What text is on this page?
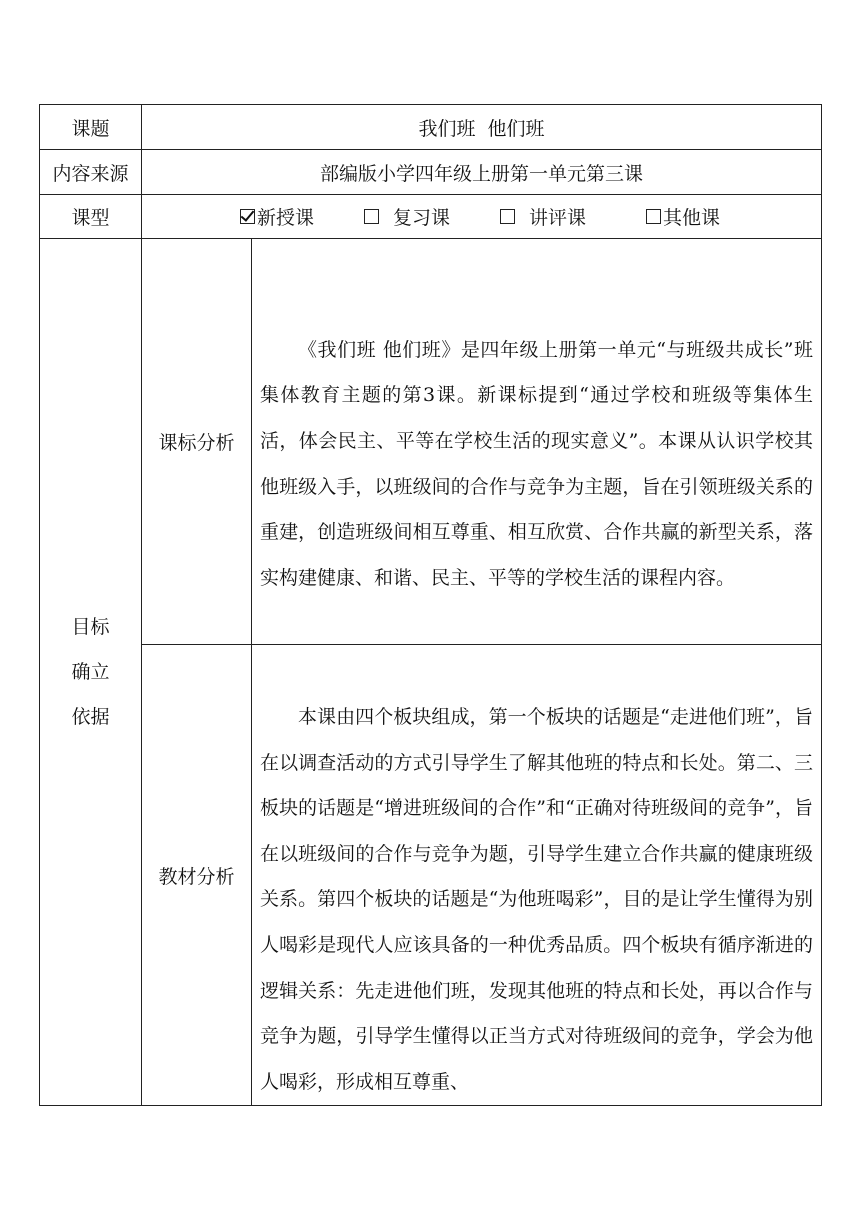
课题	我们班  他们班	
内容来源	部编版小学四年级上册第一单元第三课	
课型	新授课 复习课 讲评课 其他课	

目标
确立
依据	课标分析	《我们班 他们班》是四年级上册第一单元“与班级共成长”班集体教育主题的第3课。新课标提到“通过学校和班级等集体生活，体会民主、平等在学校生活的现实意义”。本课从认识学校其他班级入手，以班级间的合作与竞争为主题，旨在引领班级关系的重建，创造班级间相互尊重、相互欣赏、合作共赢的新型关系，落实构建健康、和谐、民主、平等的学校生活的课程内容。

	教材分析	本课由四个板块组成，第一个板块的话题是“走进他们班”，旨在以调查活动的方式引导学生了解其他班的特点和长处。第二、三板块的话题是“增进班级间的合作”和“正确对待班级间的竞争”，旨在以班级间的合作与竞争为题，引导学生建立合作共赢的健康班级关系。第四个板块的话题是“为他班喝彩”，目的是让学生懂得为别人喝彩是现代人应该具备的一种优秀品质。四个板块有循序渐进的逻辑关系：先走进他们班，发现其他班的特点和长处，再以合作与竞争为题，引导学生懂得以正当方式对待班级间的竞争，学会为他人喝彩，形成相互尊重、
